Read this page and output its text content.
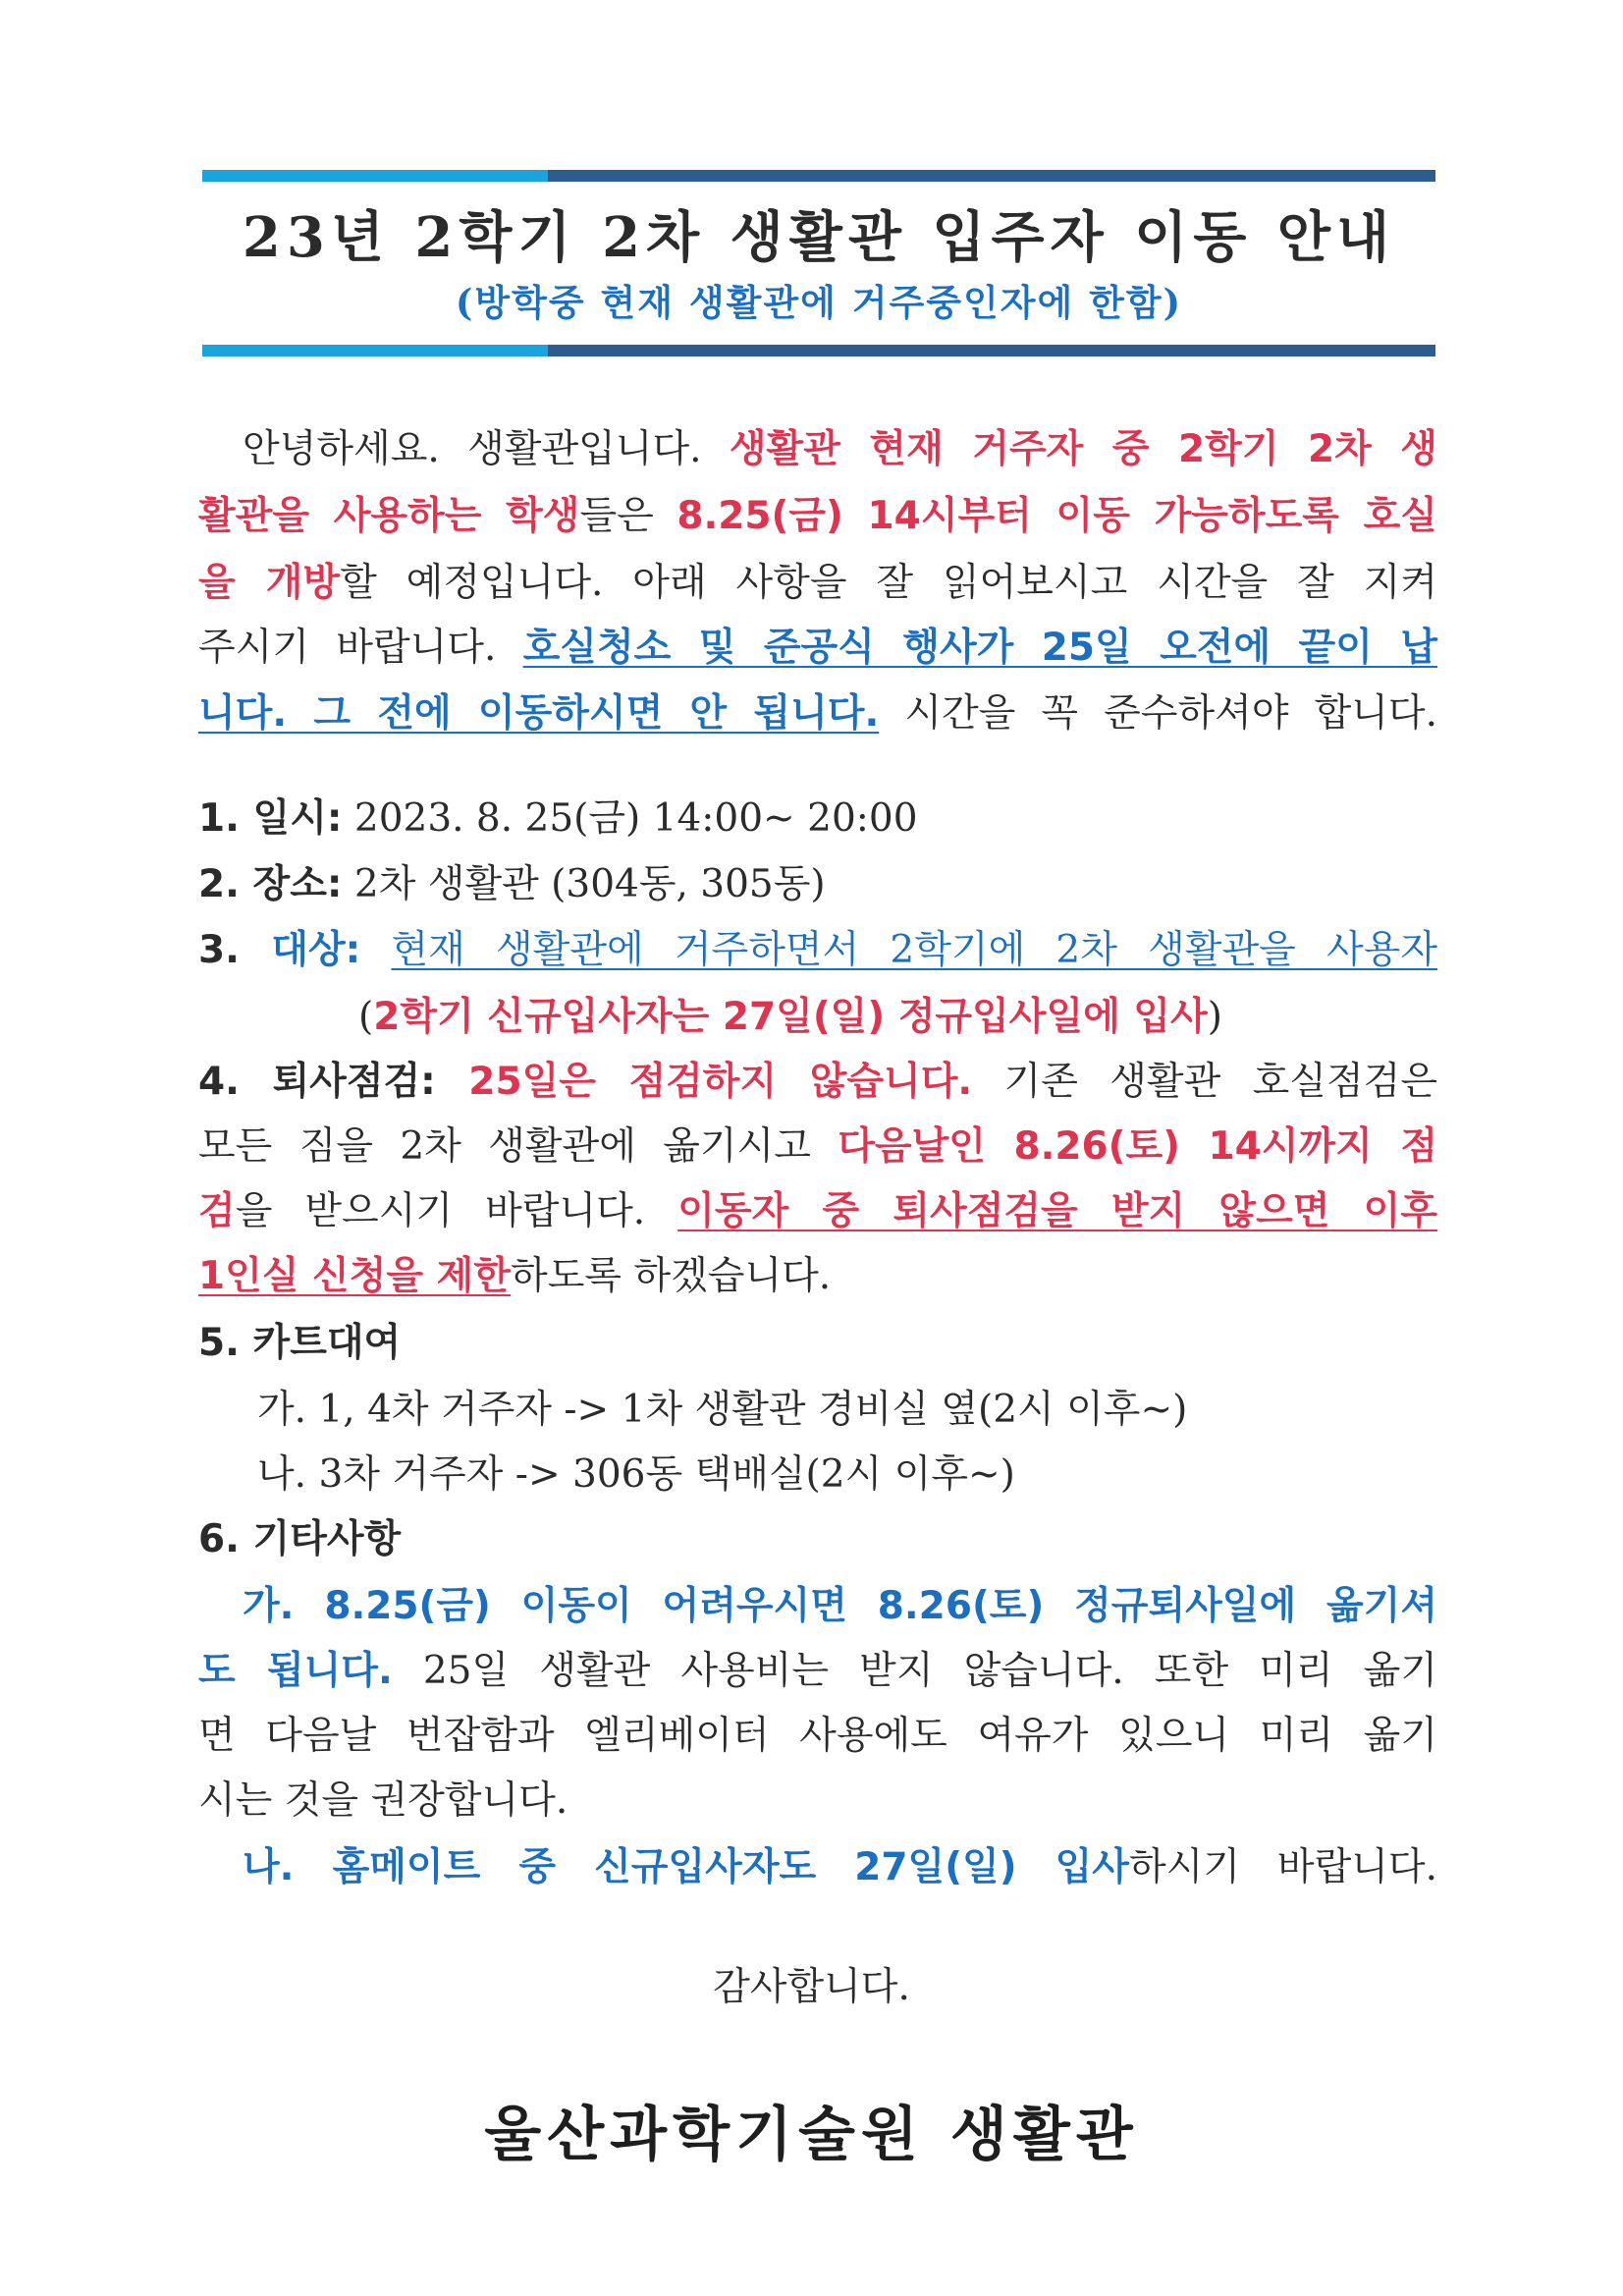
23년 2학기 2차 생활관 입주자 이동 안내
(방학중 현재 생활관에 거주중인자에 한함)
안녕하세요. 생활관입니다. 생활관 현재 거주자 중 2학기 2차 생
활관을 사용하는 학생들은 8.25(금) 14시부터 이동 가능하도록 호실
을 개방할 예정입니다. 아래 사항을 잘 읽어보시고 시간을 잘 지켜
주시기 바랍니다. 호실청소 및 준공식 행사가 25일 오전에 끝이 납
니다. 그 전에 이동하시면 안 됩니다. 시간을 꼭 준수하셔야 합니다.
1. 일시: 2023. 8. 25(금) 14:00~ 20:00
2. 장소: 2차 생활관 (304동, 305동)
3. 대상: 현재 생활관에 거주하면서 2학기에 2차 생활관을 사용자
(2학기 신규입사자는 27일(일) 정규입사일에 입사)
4. 퇴사점검: 25일은 점검하지 않습니다. 기존 생활관 호실점검은
모든 짐을 2차 생활관에 옮기시고 다음날인 8.26(토) 14시까지 점
검을 받으시기 바랍니다. 이동자 중 퇴사점검을 받지 않으면 이후
1인실 신청을 제한하도록 하겠습니다.
5. 카트대여
가. 1, 4차 거주자 -> 1차 생활관 경비실 옆(2시 이후~)
나. 3차 거주자 -> 306동 택배실(2시 이후~)
6. 기타사항
가. 8.25(금) 이동이 어려우시면 8.26(토) 정규퇴사일에 옮기셔
도 됩니다. 25일 생활관 사용비는 받지 않습니다. 또한 미리 옮기
면 다음날 번잡함과 엘리베이터 사용에도 여유가 있으니 미리 옮기
시는 것을 권장합니다.
나. 홈메이트 중 신규입사자도 27일(일) 입사하시기 바랍니다.
감사합니다.
울산과학기술원 생활관
